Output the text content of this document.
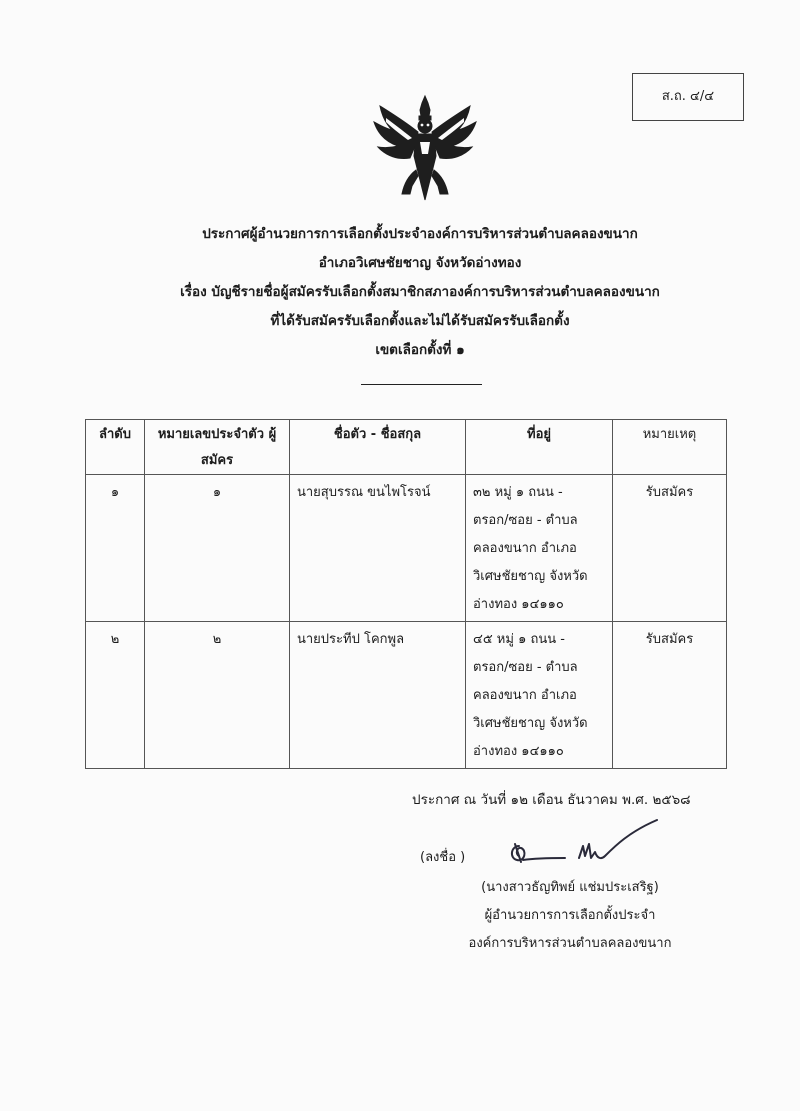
ส.ถ. ๔/๔
ประกาศผู้อำนวยการการเลือกตั้งประจำองค์การบริหารส่วนตำบลคลองขนาก
อำเภอวิเศษชัยชาญ จังหวัดอ่างทอง
เรื่อง บัญชีรายชื่อผู้สมัครรับเลือกตั้งสมาชิกสภาองค์การบริหารส่วนตำบลคลองขนาก
ที่ได้รับสมัครรับเลือกตั้งและไม่ได้รับสมัครรับเลือกตั้ง
เขตเลือกตั้งที่ ๑
ลำดับ	หมายเลขประจำตัว ผู้สมัคร	ชื่อตัว - ชื่อสกุล	ที่อยู่	หมายเหตุ
๑	๑	นายสุบรรณ ขนไพโรจน์	๓๒ หมู่ ๑ ถนน -
ตรอก/ซอย - ตำบล
คลองขนาก อำเภอ
วิเศษชัยชาญ จังหวัด
อ่างทอง ๑๔๑๑๐	รับสมัคร
๒	๒	นายประทีป โคกพูล	๔๕ หมู่ ๑ ถนน -
ตรอก/ซอย - ตำบล
คลองขนาก อำเภอ
วิเศษชัยชาญ จังหวัด
อ่างทอง ๑๔๑๑๐	รับสมัคร
ประกาศ ณ วันที่ ๑๒ เดือน ธันวาคม พ.ศ. ๒๕๖๘
(ลงชื่อ )
(นางสาวธัญทิพย์ แช่มประเสริฐ)
ผู้อำนวยการการเลือกตั้งประจำ
องค์การบริหารส่วนตำบลคลองขนาก
